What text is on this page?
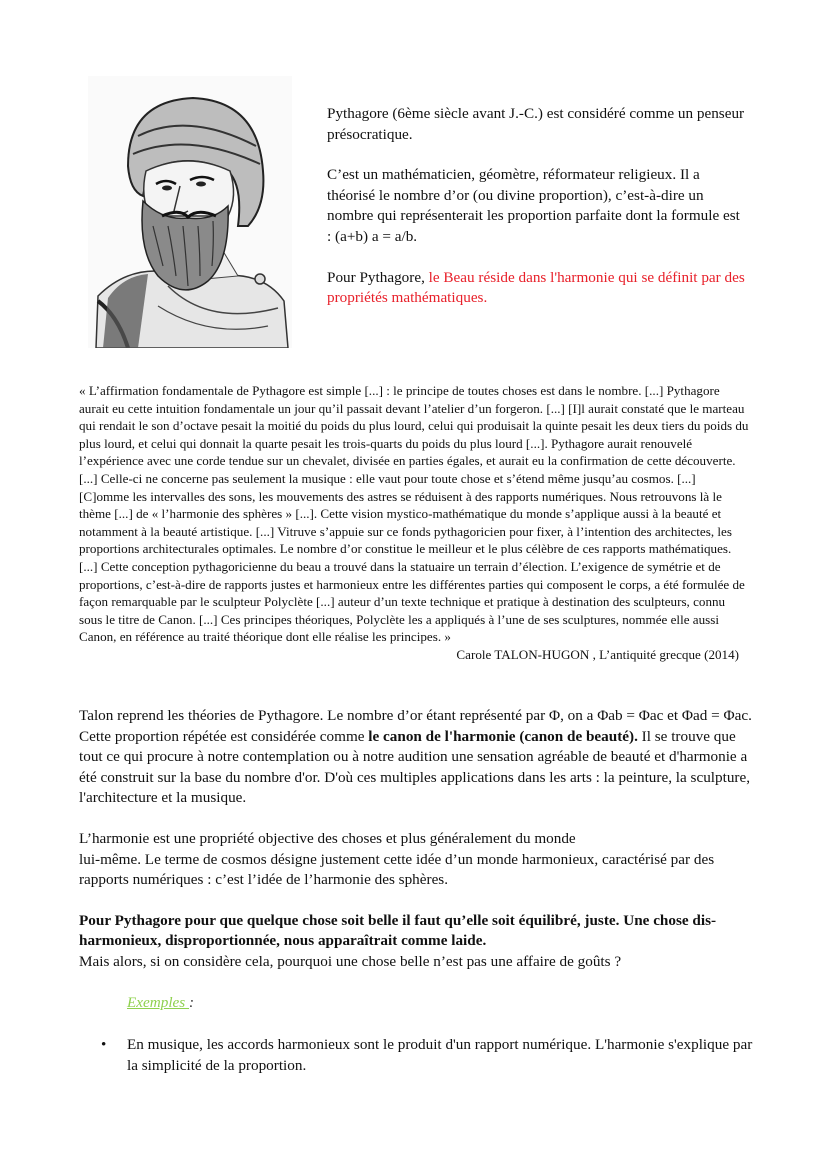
Pythagore (6ème siècle avant J.-C.) est considéré comme un penseur présocratique.

C’est un mathématicien, géomètre, réformateur religieux. Il a théorisé le nombre d’or (ou divine proportion), c’est-à-dire un nombre qui représenterait les proportion parfaite dont la formule est : (a+b) a = a/b.

Pour Pythagore, le Beau réside dans l'harmonie qui se définit par des propriétés mathématiques.

« L’affirmation fondamentale de Pythagore est simple [...] : le principe de toutes choses est dans le nombre. [...] Pythagore aurait eu cette intuition fondamentale un jour qu’il passait devant l’atelier d’un forgeron. [...] [I]l aurait constaté que le marteau qui rendait le son d’octave pesait la moitié du poids du plus lourd, celui qui produisait la quinte pesait les deux tiers du poids du plus lourd, et celui qui donnait la quarte pesait les trois-quarts du poids du plus lourd [...]. Pythagore aurait renouvelé l’expérience avec une corde tendue sur un chevalet, divisée en parties égales, et aurait eu la confirmation de cette découverte. [...] Celle-ci ne concerne pas seulement la musique : elle vaut pour toute chose et s’étend même jusqu’au cosmos. [...] [C]omme les intervalles des sons, les mouvements des astres se réduisent à des rapports numériques. Nous retrouvons là le thème [...] de « l’harmonie des sphères » [...]. Cette vision mystico-mathématique du monde s’applique aussi à la beauté et notamment à la beauté artistique. [...] Vitruve s’appuie sur ce fonds pythagoricien pour fixer, à l’intention des architectes, les proportions architecturales optimales. Le nombre d’or constitue le meilleur et le plus célèbre de ces rapports mathématiques. [...] Cette conception pythagoricienne du beau a trouvé dans la statuaire un terrain d’élection. L’exigence de symétrie et de proportions, c’est-à-dire de rapports justes et harmonieux entre les différentes parties qui composent le corps, a été formulée de façon remarquable par le sculpteur Polyclète [...] auteur d’un texte technique et pratique à destination des sculpteurs, connu sous le titre de Canon. [...] Ces principes théoriques, Polyclète les a appliqués à l’une de ses sculptures, nommée elle aussi Canon, en référence au traité théorique dont elle réalise les principes. »

Carole TALON-HUGON , L’antiquité grecque (2014)

Talon reprend les théories de Pythagore. Le nombre d’or étant représenté par Φ, on a Φab = Φac et Φad = Φac. Cette proportion répétée est considérée comme le canon de l'harmonie (canon de beauté). Il se trouve que tout ce qui procure à notre contemplation ou à notre audition une sensation agréable de beauté et d'harmonie a été construit sur la base du nombre d'or. D'où ces multiples applications dans les arts : la peinture, la sculpture, l'architecture et la musique.

L’harmonie est une propriété objective des choses et plus généralement du monde
lui-même. Le terme de cosmos désigne justement cette idée d’un monde harmonieux, caractérisé par des rapports numériques : c’est l’idée de l’harmonie des sphères.

Pour Pythagore pour que quelque chose soit belle il faut qu’elle soit équilibré, juste. Une chose dis-harmonieux, disproportionnée, nous apparaîtrait comme laide.
Mais alors, si on considère cela, pourquoi une chose belle n’est pas une affaire de goûts ?

Exemples :
• En musique, les accords harmonieux sont le produit d'un rapport numérique. L'harmonie s'explique par la simplicité de la proportion.
